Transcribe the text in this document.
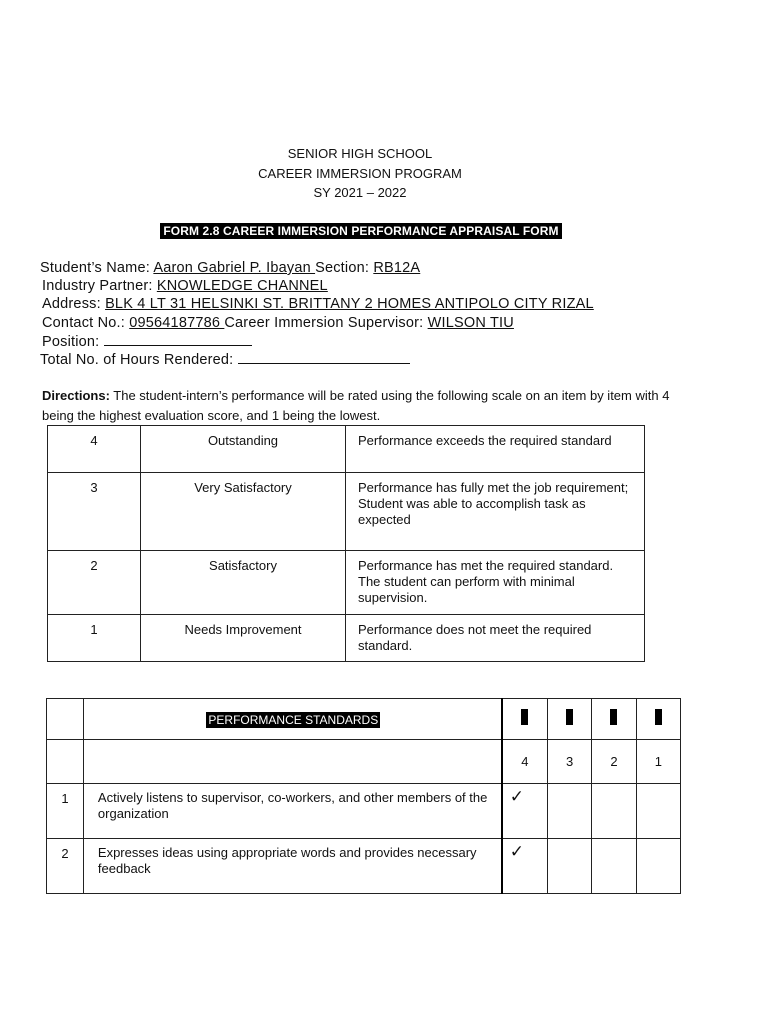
SENIOR HIGH SCHOOL
CAREER IMMERSION PROGRAM
SY 2021 – 2022
FORM 2.8 CAREER IMMERSION PERFORMANCE APPRAISAL FORM
Student’s Name: Aaron Gabriel P. Ibayan Section: RB12A
Industry Partner: KNOWLEDGE CHANNEL
Address: BLK 4 LT 31 HELSINKI ST. BRITTANY 2 HOMES ANTIPOLO CITY RIZAL
Contact No.: 09564187786 Career Immersion Supervisor: WILSON TIU
Position:
Total No. of Hours Rendered:
Directions: The student-intern’s performance will be rated using the following scale on an item by item with 4 being the highest evaluation score, and 1 being the lowest.
4	Outstanding	Performance exceeds the required standard
3	Very Satisfactory	Performance has fully met the job requirement; Student was able to accomplish task as expected
2	Satisfactory	Performance has met the required standard. The student can perform with minimal supervision.
1	Needs Improvement	Performance does not meet the required standard.
	PERFORMANCE STANDARDS				
		4	3	2	1
1	Actively listens to supervisor, co-workers, and other members of the organization	✓			

2	Expresses ideas using appropriate words and provides necessary feedback	✓			
